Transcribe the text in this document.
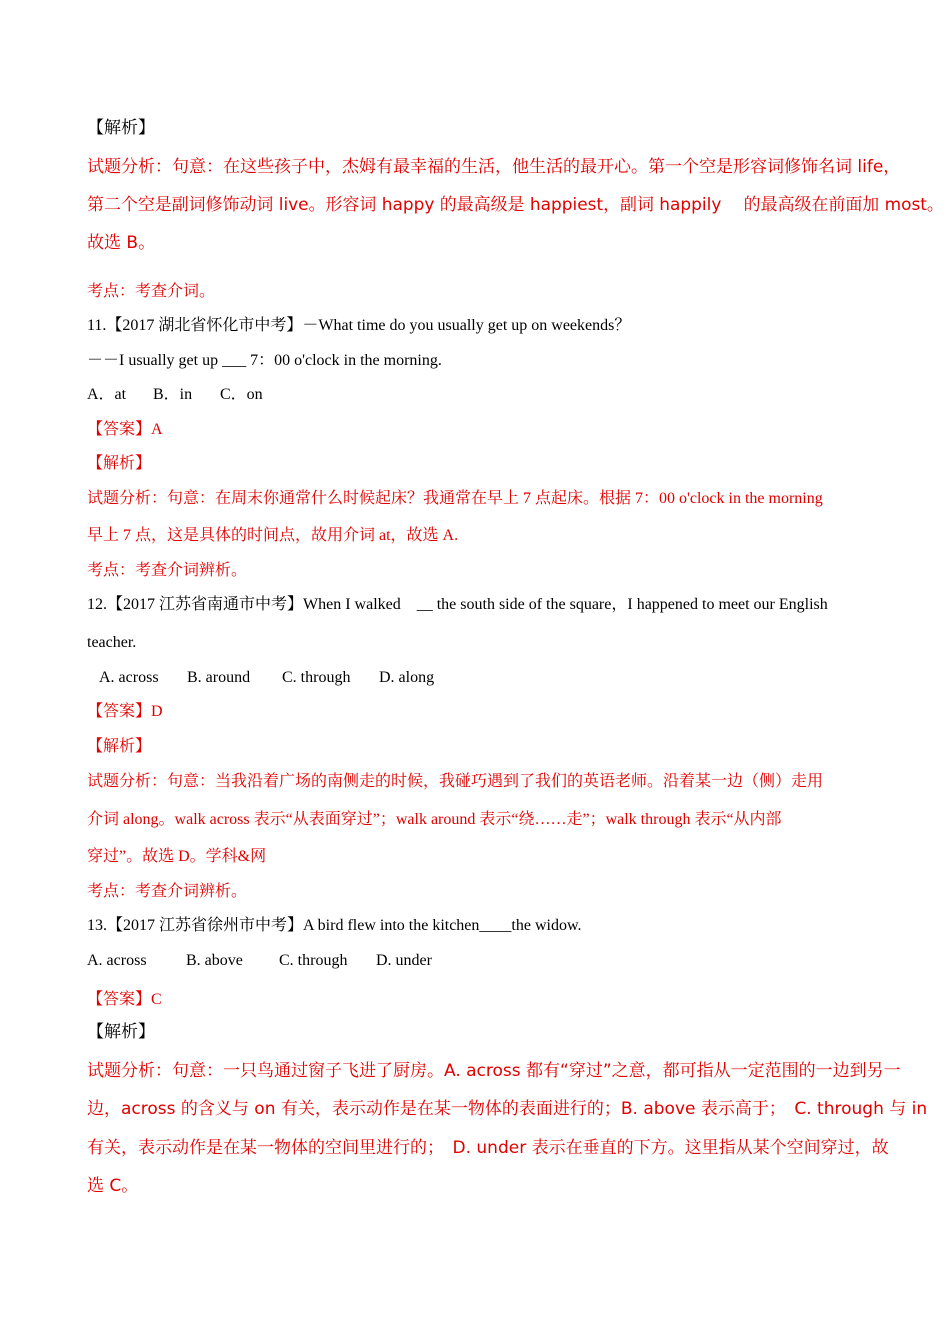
【解析】
试题分析：句意：在这些孩子中，杰姆有最幸福的生活，他生活的最开心。第一个空是形容词修饰名词 life，
第二个空是副词修饰动词 live。形容词 happy 的最高级是 happiest，副词 happily 　的最高级在前面加 most。
故选 B。
考点：考查介词。
11.【2017 湖北省怀化市中考】－What time do you usually get up on weekends？
－－I usually get up ___ 7：00 o'clock in the morning.
A．at B．in C．on
【答案】A
【解析】
试题分析：句意：在周末你通常什么时候起床？我通常在早上 7 点起床。根据 7：00 o'clock in the morning
早上 7 点，这是具体的时间点，故用介词 at，故选 A.
考点：考查介词辨析。
12.【2017 江苏省南通市中考】When I walked　__ the south side of the square，I happened to meet our English
teacher.
A. across B. around C. through D. along
【答案】D
【解析】
试题分析：句意：当我沿着广场的南侧走的时候，我碰巧遇到了我们的英语老师。沿着某一边（侧）走用
介词 along。walk across 表示“从表面穿过”；walk around 表示“绕……走”；walk through 表示“从内部
穿过”。故选 D。学科&网
考点：考查介词辨析。
13.【2017 江苏省徐州市中考】A bird flew into the kitchen____the widow.
A. across B. above C. through D. under
【答案】C
【解析】
试题分析：句意：一只鸟通过窗子飞进了厨房。A. across 都有“穿过”之意，都可指从一定范围的一边到另一
边，across 的含义与 on 有关，表示动作是在某一物体的表面进行的；B. above 表示高于；　C. through 与 in
有关，表示动作是在某一物体的空间里进行的；　D. under 表示在垂直的下方。这里指从某个空间穿过，故
选 C。
